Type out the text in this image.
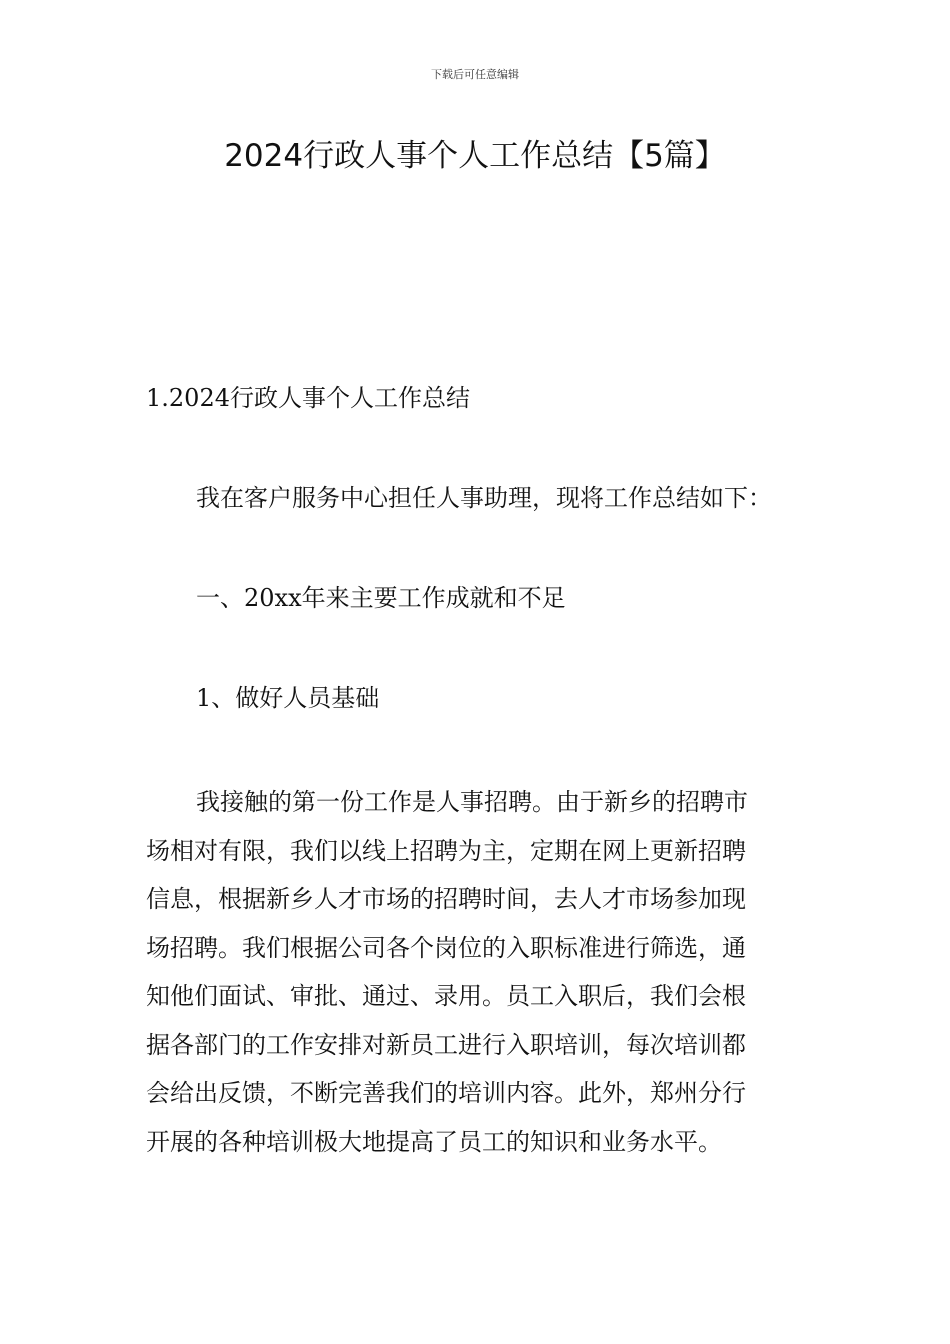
下载后可任意编辑
2024行政人事个人工作总结【5篇】
1.2024行政人事个人工作总结
我在客户服务中心担任人事助理，现将工作总结如下：
一、20xx年来主要工作成就和不足
1、做好人员基础
我接触的第一份工作是人事招聘。由于新乡的招聘市
场相对有限，我们以线上招聘为主，定期在网上更新招聘
信息，根据新乡人才市场的招聘时间，去人才市场参加现
场招聘。我们根据公司各个岗位的入职标准进行筛选，通
知他们面试、审批、通过、录用。员工入职后，我们会根
据各部门的工作安排对新员工进行入职培训，每次培训都
会给出反馈，不断完善我们的培训内容。此外，郑州分行
开展的各种培训极大地提高了员工的知识和业务水平。
